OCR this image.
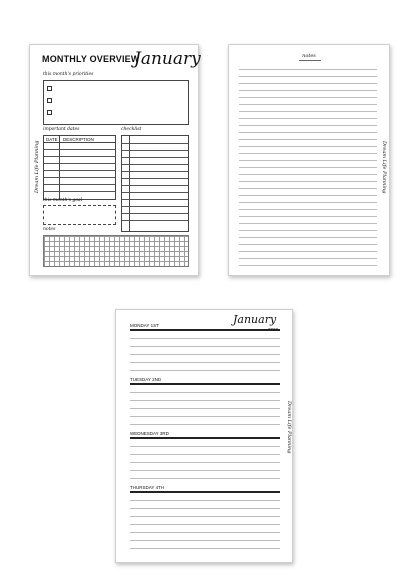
MONTHLY OVERVIEW
January
this month's priorities
important dates	checklist
DATE DESCRIPTION
Dream Life Planning
this month's goal
notes
notes
Dream Life Planning
January
MONDAY 1ST
TUESDAY 2ND
WEDNESDAY 3RD
THURSDAY 4TH
Dream Life Planning
